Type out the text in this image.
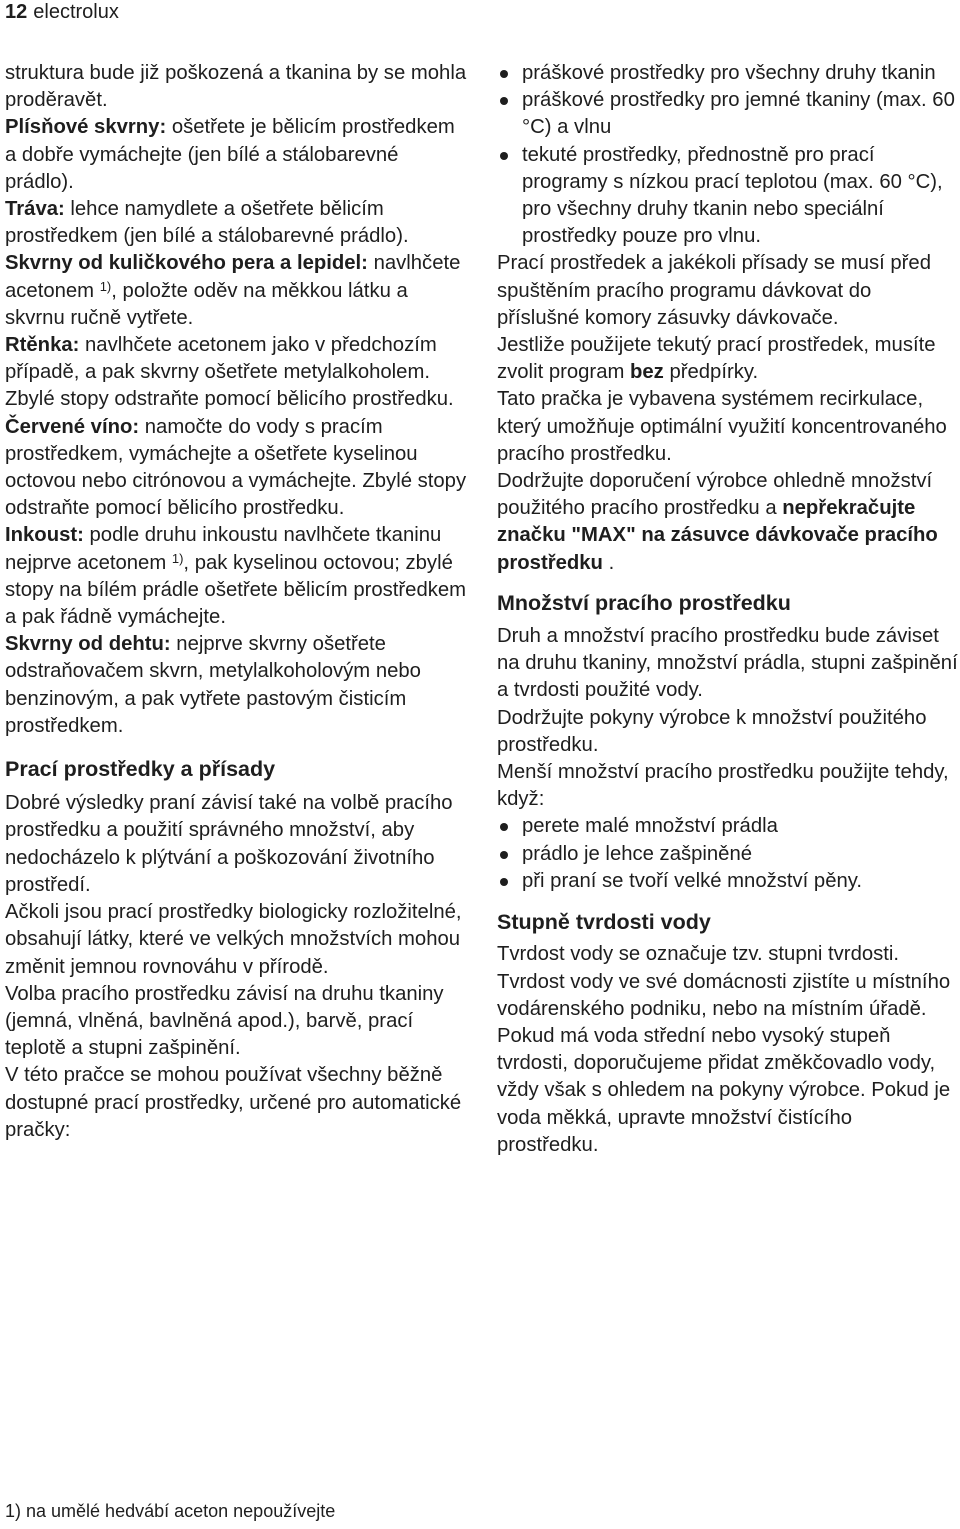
12 electrolux

struktura bude již poškozená a tkanina by se mohla proděravět.

Plísňové skvrny: ošetřete je bělicím prostředkem a dobře vymáchejte (jen bílé a stálobarevné prádlo).

Tráva: lehce namydlete a ošetřete bělicím prostředkem (jen bílé a stálobarevné prádlo).

Skvrny od kuličkového pera a lepidel: navlhčete acetonem $^{1)}$, položte oděv na měkkou látku a skvrnu ručně vytřete.

Rtěnka: navlhčete acetonem jako v předchozím případě, a pak skvrny ošetřete metylalkoholem. Zbylé stopy odstraňte pomocí bělicího prostředku.

Červené víno: namočte do vody s pracím prostředkem, vymáchejte a ošetřete kyselinou octovou nebo citrónovou a vymáchejte. Zbylé stopy odstraňte pomocí bělicího prostředku.

Inkoust: podle druhu inkoustu navlhčete tkaninu nejprve acetonem $^{1)}$, pak kyselinou octovou; zbylé stopy na bílém prádle ošetřete bělicím prostředkem a pak řádně vymáchejte.

Skvrny od dehtu: nejprve skvrny ošetřete odstraňovačem skvrn, metylalkoholovým nebo benzinovým, a pak vytřete pastovým čisticím prostředkem.

Prací prostředky a přísady

Dobré výsledky praní závisí také na volbě pracího prostředku a použití správného množství, aby nedocházelo k plýtvání a poškozování životního prostředí.

Ačkoli jsou prací prostředky biologicky rozložitelné, obsahují látky, které ve velkých množstvích mohou změnit jemnou rovnováhu v přírodě.

Volba pracího prostředku závisí na druhu tkaniny (jemná, vlněná, bavlněná apod.), barvě, prací teplotě a stupni zašpinění.

V této pračce se mohou používat všechny běžně dostupné prací prostředky, určené pro automatické pračky:

práškové prostředky pro všechny druhy tkanin
práškové prostředky pro jemné tkaniny (max. 60 °C) a vlnu
tekuté prostředky, přednostně pro prací programy s nízkou prací teplotou (max. 60 °C), pro všechny druhy tkanin nebo speciální prostředky pouze pro vlnu.

Prací prostředek a jakékoli přísady se musí před spuštěním pracího programu dávkovat do příslušné komory zásuvky dávkovače.

Jestliže použijete tekutý prací prostředek, musíte zvolit program bez předpírky.

Tato pračka je vybavena systémem recirkulace, který umožňuje optimální využití koncentrovaného pracího prostředku.

Dodržujte doporučení výrobce ohledně množství použitého pracího prostředku a nepřekračujte značku "MAX" na zásuvce dávkovače pracího prostředku .

Množství pracího prostředku

Druh a množství pracího prostředku bude záviset na druhu tkaniny, množství prádla, stupni zašpinění a tvrdosti použité vody.

Dodržujte pokyny výrobce k množství použitého prostředku.

Menší množství pracího prostředku použijte tehdy, když:

perete malé množství prádla
prádlo je lehce zašpiněné
při praní se tvoří velké množství pěny.
Stupně tvrdosti vody

Tvrdost vody se označuje tzv. stupni tvrdosti.

Tvrdost vody ve své domácnosti zjistíte u místního vodárenského podniku, nebo na místním úřadě. Pokud má voda střední nebo vysoký stupeň tvrdosti, doporučujeme přidat změkčovadlo vody, vždy však s ohledem na pokyny výrobce. Pokud je voda měkká, upravte množství čistícího prostředku.

1) na umělé hedvábí aceton nepoužívejte
